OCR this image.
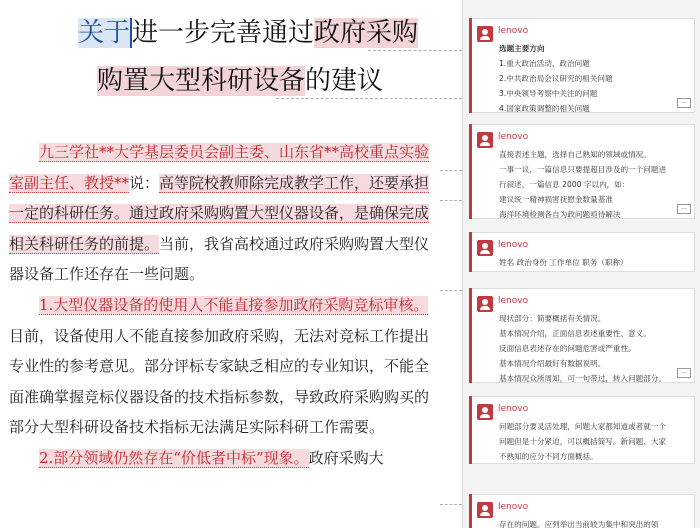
关于进一步完善通过政府采购
购置大型科研设备的建议

九三学社**大学基层委员会副主委、山东省**高校重点实验室副主任、教授**说：高等院校教师除完成教学工作，还要承担一定的科研任务。通过政府采购购置大型仪器设备，是确保完成相关科研任务的前提。当前，我省高校通过政府采购购置大型仪器设备工作还存在一些问题。

1.大型仪器设备的使用人不能直接参加政府采购竞标审核。目前，设备使用人不能直接参加政府采购，无法对竞标工作提出专业性的参考意见。部分评标专家缺乏相应的专业知识，不能全面准确掌握竞标仪器设备的技术指标参数，导致政府采购购买的部分大型科研设备技术指标无法满足实际科研工作需要。

2.部分领域仍然存在“价低者中标”现象。政府采购大

lenovo
选题主要方向
1.重大政治活动、政治问题
2.中共政治局会议研究的相关问题
3.中央领导考察中关注的问题
4.国家政策调整的相关问题
…
lenovo
直接表述主题，选择自己熟知的领域或情况。
一事一议，一篇信息只要提超目涉及的一个问题进
行叙述，一篇信息 2000 字以内，如：
建议统一精神损害抚慰金数量基准
海洋环境检测各自为政问题亟待解决
…
lenovo
姓名 政治身份 工作单位 职务（职称）
lenovo
现状部分：简要概括有关情况。
基本情况介绍，正面信息表述重要性、意义。
反面信息表述存在的问题危害或严重性。
基本情况介绍最好有数据说明。
基本情况众所周知，可一句带过，转入问题部分。
…
lenovo
问题部分要灵活处理，问题大家都知道或者就一个
问题但是十分紧迫，可以概括简写。新问题、大家
不熟知的应分不同方面概括。
lenovo
存在的问题。应列举出当前较为集中和突出的领
